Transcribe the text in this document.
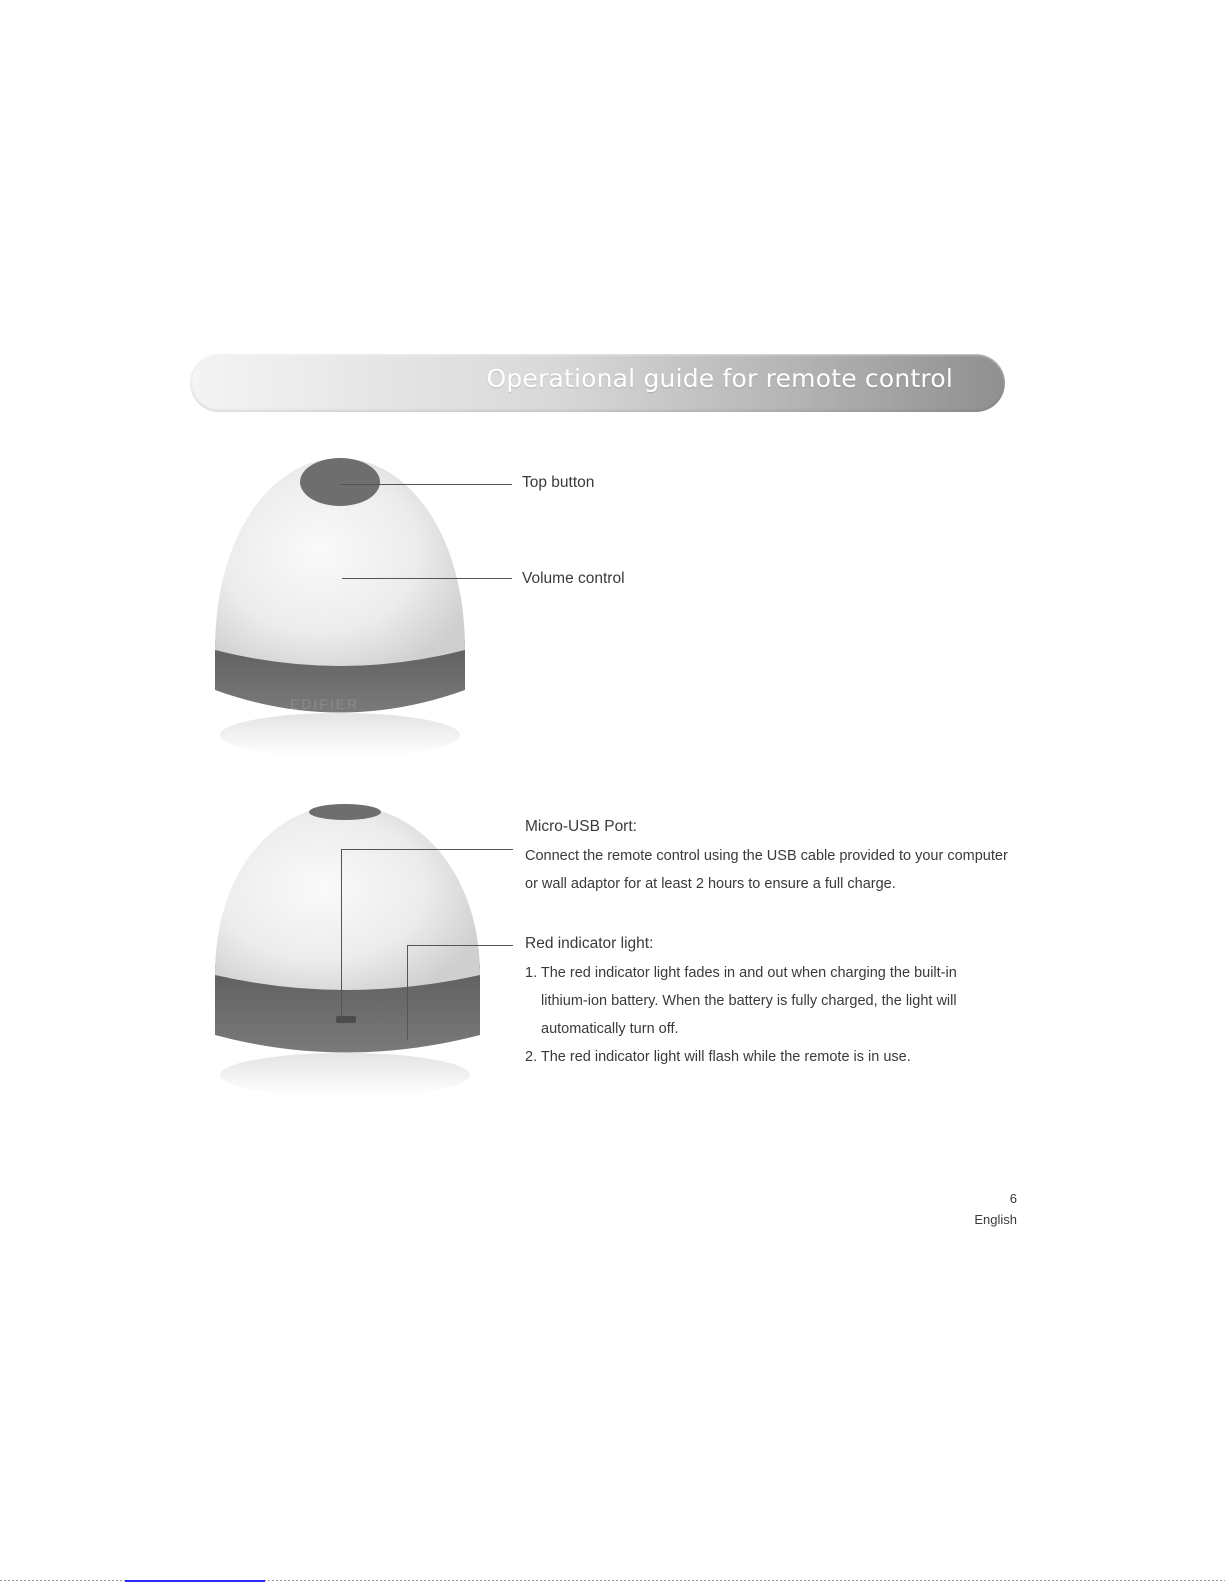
Operational guide for remote control
EDIFIER
Top button
Volume control
Micro-USB Port:
Connect the remote control using the USB cable provided to your computer
or wall adaptor for at least 2 hours to ensure a full charge.
Red indicator light:
1. The red indicator light fades in and out when charging the built-in
lithium-ion battery. When the battery is fully charged, the light will
automatically turn off.
2. The red indicator light will flash while the remote is in use.
6
English
